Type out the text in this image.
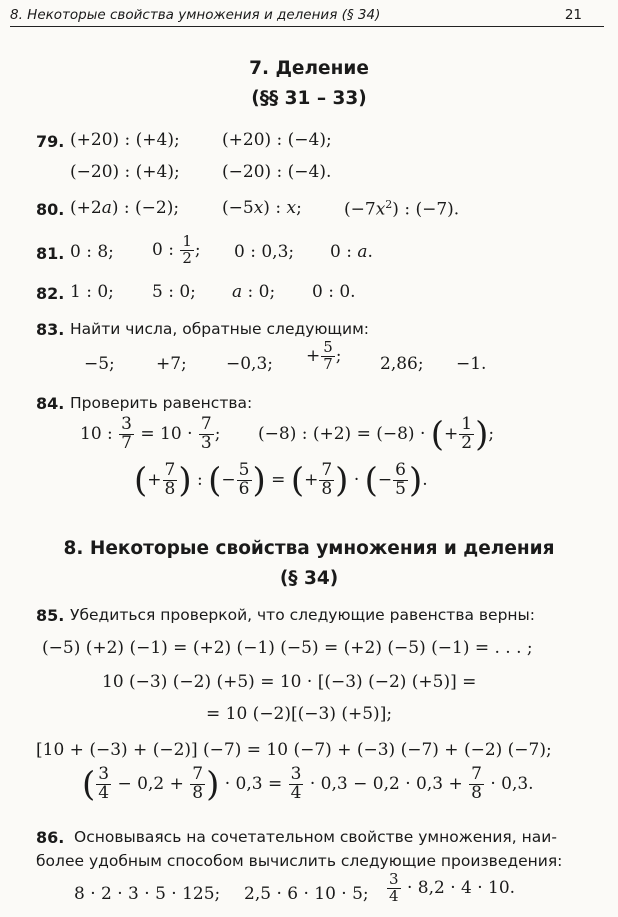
8. Некоторые свойства умножения и деления (§ 34)	21
7. Деление
(§§ 31 – 33)
79. (+20) : (+4); (+20) : (−4);
(−20) : (+4); (−20) : (−4).
80. (+2a) : (−2);	(−5x) : x; $(-7x^2)$ : (−7).
81. 0 : 8; 0 : $\frac{1}{2}$ ; 0 : 0,3; 0 : a.
82. 1 : 0; 5 : 0; a : 0; 0 : 0.
83. Найти числа, обратные следующим:
−5; +7; −0,3; + $\frac{5}{7}$ ; 2,86; −1.
84. Проверить равенства:
10 : $\frac{3}{7} = 10 \cdot \frac{7}{3}$ ; (−8) : (+2) = (−8) · (+ $\frac{1}{2}$ );
(+ $\frac{7}{8}$ ) : (− $\frac{5}{6}$ ) = (+ $\frac{7}{8}$ ) · (− $\frac{6}{5}$ ).
8. Некоторые свойства умножения и деления
(§ 34)
85. Убедиться проверкой, что следующие равенства верны:
(−5) (+2) (−1) = (+2) (−1) (−5) = (+2) (−5) (−1) = . . . ;
10 (−3) (−2) (+5) = 10 · [(−3) (−2) (+5)] =
= 10 (−2)[(−3) (+5)];
[10 + (−3) + (−2)] (−7) = 10 (−7) + (−3) (−7) + (−2) (−7);
( $\frac{3}{4} - 0,2 + \frac{7}{8}$ ) · $0,3 = \frac{3}{4} \cdot 0,3 - 0,2 \cdot 0,3 + \frac{7}{8} \cdot 0,3$.
86. Основываясь на сочетательном свойстве умножения, наи-
более удобным способом вычислить следующие произведения:
8 · 2 · 3 · 5 · 125; 2,5 · 6 · 10 · 5; $\frac{3}{4} \cdot 8,2 \cdot 4 \cdot 10$.
